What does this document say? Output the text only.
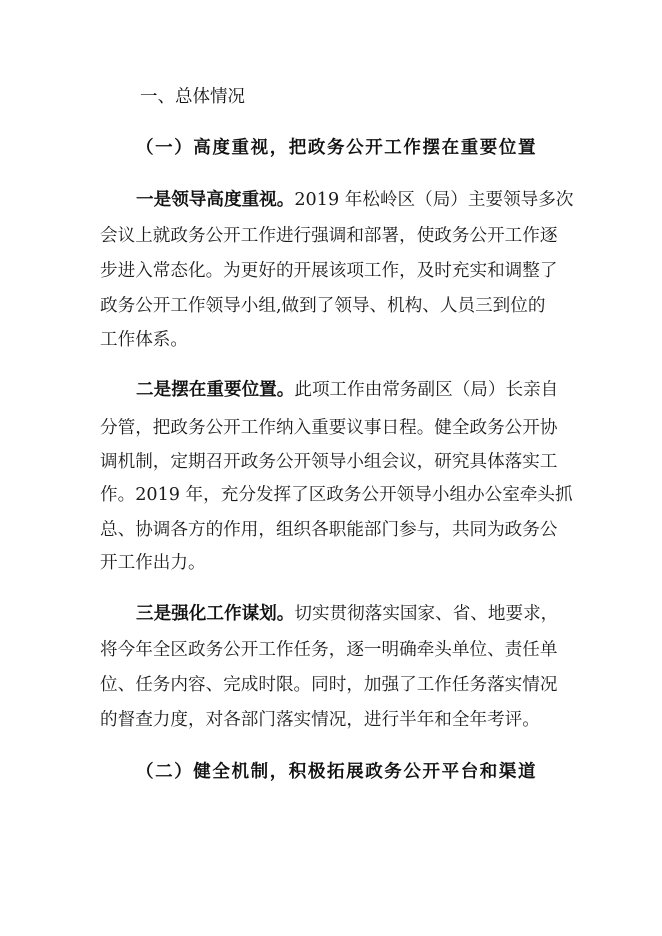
一、总体情况
（一）高度重视，把政务公开工作摆在重要位置
一是领导高度重视。2019 年松岭区（局）主要领导多次
会议上就政务公开工作进行强调和部署，使政务公开工作逐
步进入常态化。为更好的开展该项工作，及时充实和调整了
政务公开工作领导小组,做到了领导、机构、人员三到位的
工作体系。
二是摆在重要位置。此项工作由常务副区（局）长亲自
分管，把政务公开工作纳入重要议事日程。健全政务公开协
调机制，定期召开政务公开领导小组会议，研究具体落实工
作。2019 年，充分发挥了区政务公开领导小组办公室牵头抓
总、协调各方的作用，组织各职能部门参与，共同为政务公
开工作出力。
三是强化工作谋划。切实贯彻落实国家、省、地要求，
将今年全区政务公开工作任务，逐一明确牵头单位、责任单
位、任务内容、完成时限。同时，加强了工作任务落实情况
的督查力度，对各部门落实情况，进行半年和全年考评。
（二）健全机制，积极拓展政务公开平台和渠道
